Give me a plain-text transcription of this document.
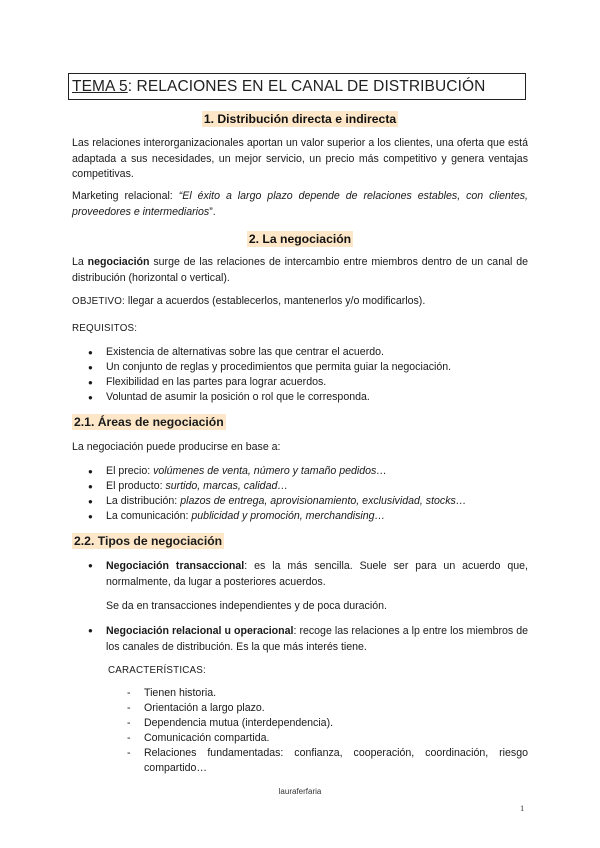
TEMA 5: RELACIONES EN EL CANAL DE DISTRIBUCIÓN
1. Distribución directa e indirecta
Las relaciones interorganizacionales aportan un valor superior a los clientes, una oferta que está adaptada a sus necesidades, un mejor servicio, un precio más competitivo y genera ventajas competitivas.
Marketing relacional: “El éxito a largo plazo depende de relaciones estables, con clientes, proveedores e intermediarios”.
2. La negociación
La negociación surge de las relaciones de intercambio entre miembros dentro de un canal de distribución (horizontal o vertical).
OBJETIVO: llegar a acuerdos (establecerlos, mantenerlos y/o modificarlos).
REQUISITOS:
● Existencia de alternativas sobre las que centrar el acuerdo.
● Un conjunto de reglas y procedimientos que permita guiar la negociación.
● Flexibilidad en las partes para lograr acuerdos.
● Voluntad de asumir la posición o rol que le corresponda.
2.1. Áreas de negociación
La negociación puede producirse en base a:
● El precio: volúmenes de venta, número y tamaño pedidos…
● El producto: surtido, marcas, calidad…
● La distribución: plazos de entrega, aprovisionamiento, exclusividad, stocks…
● La comunicación: publicidad y promoción, merchandising…
2.2. Tipos de negociación
● Negociación transaccional: es la más sencilla. Suele ser para un acuerdo que, normalmente, da lugar a posteriores acuerdos.
Se da en transacciones independientes y de poca duración.
● Negociación relacional u operacional: recoge las relaciones a lp entre los miembros de los canales de distribución. Es la que más interés tiene.
CARACTERÍSTICAS:
- Tienen historia.
- Orientación a largo plazo.
- Dependencia mutua (interdependencia).
- Comunicación compartida.
- Relaciones fundamentadas: confianza, cooperación, coordinación, riesgo compartido…
lauraferfaria
1
